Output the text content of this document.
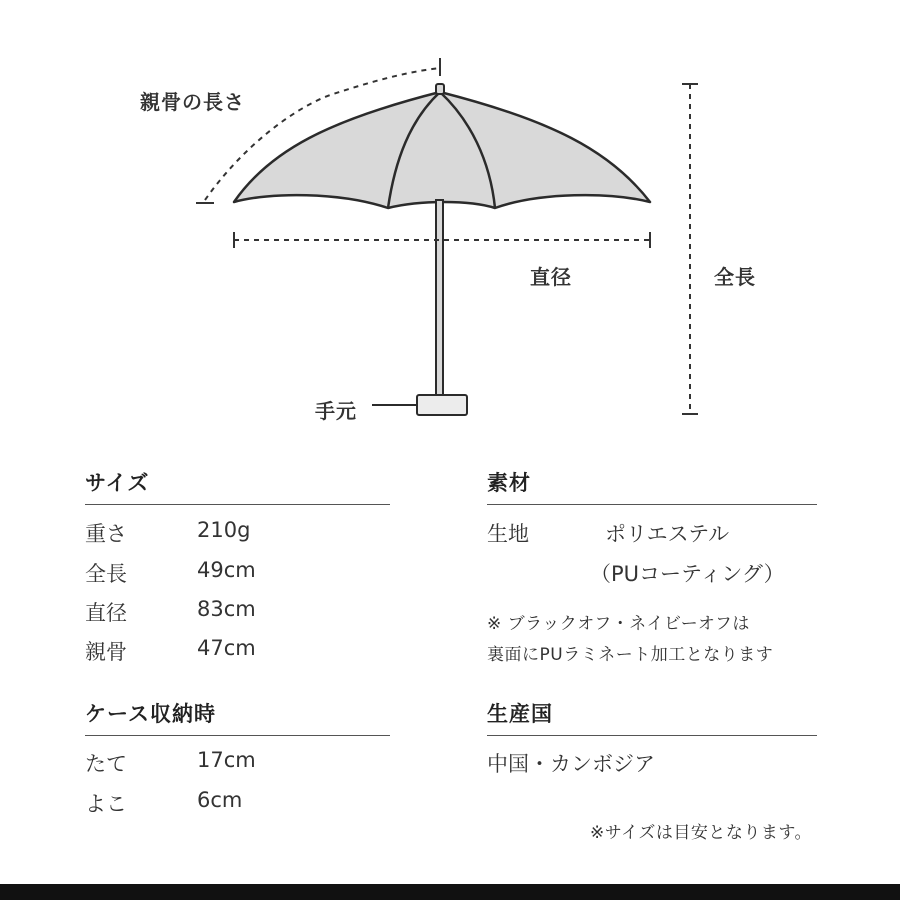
親骨の長さ
直径	全長
手元
サイズ
重さ	210g
全長	49cm
直径	83cm
親骨	47cm
ケース収納時
たて	17cm
よこ	6cm
素材
生地	ポリエステル
（PUコーティング）
※ ブラックオフ・ネイビーオフは
裏面にPUラミネート加工となります
生産国
中国・カンボジア
※サイズは目安となります。
